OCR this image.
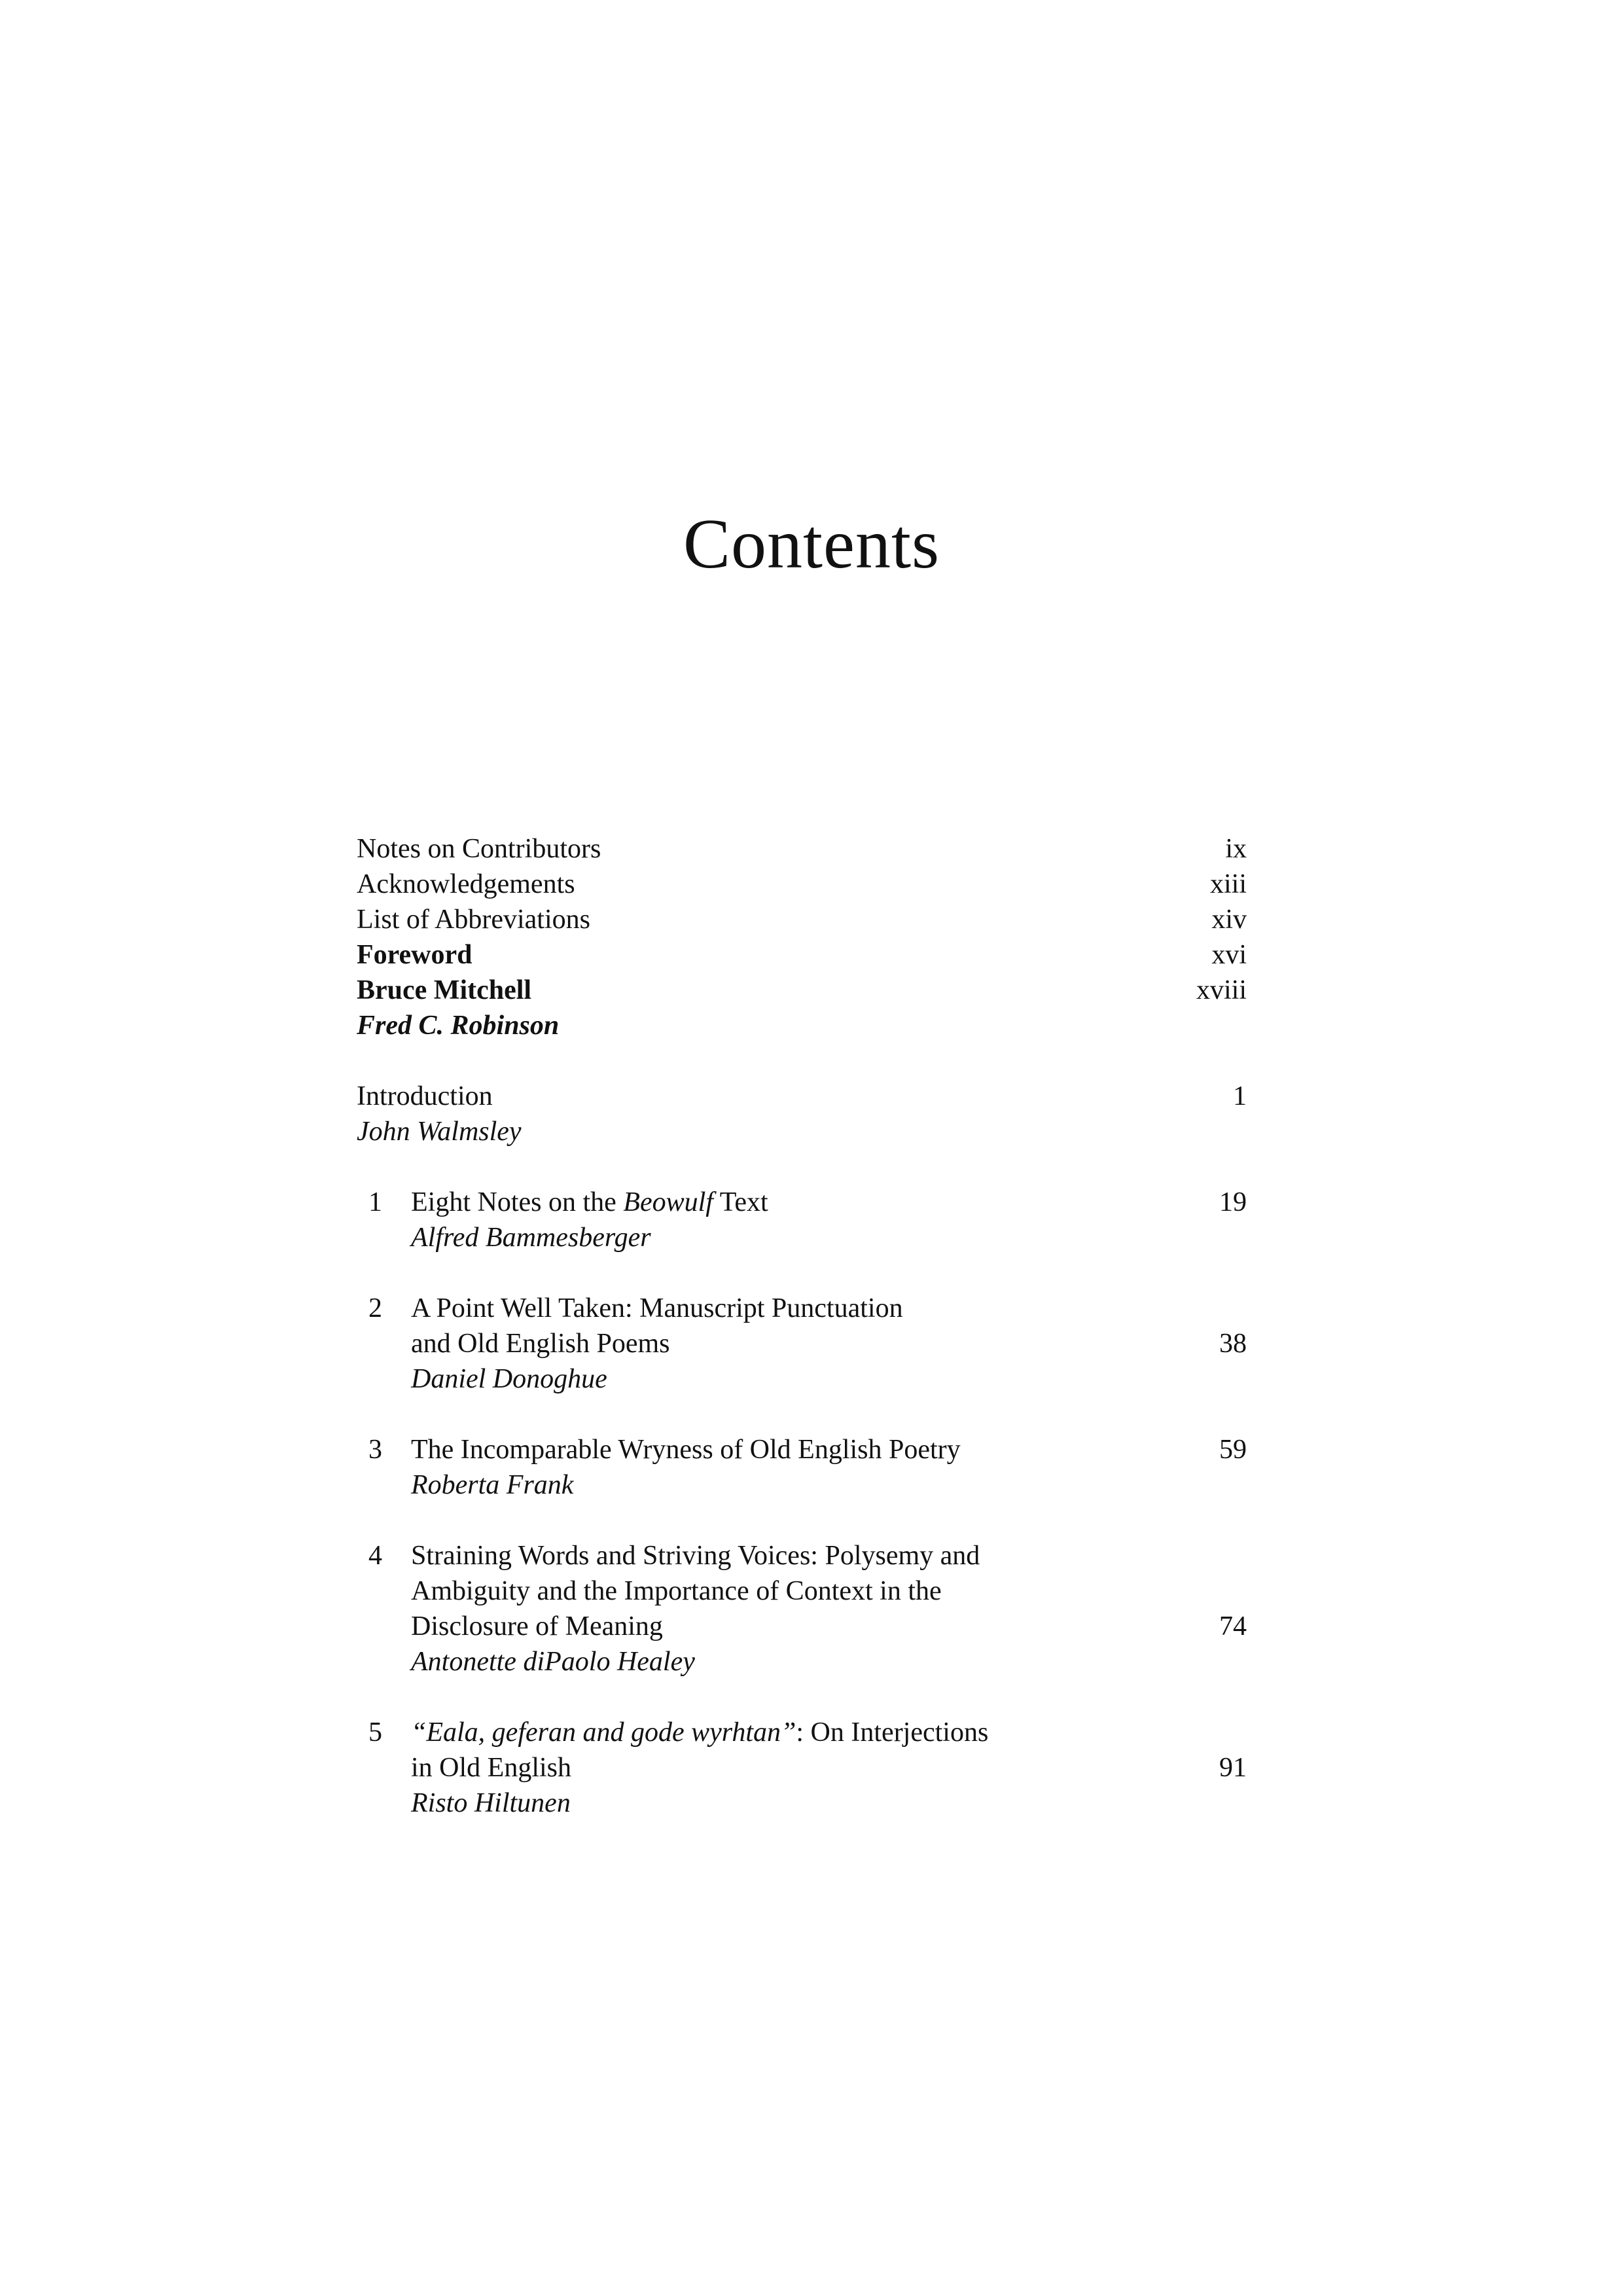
Contents
Notes on Contributors	ix
Acknowledgements	xiii
List of Abbreviations	xiv
Foreword	xvi
Bruce Mitchell	xviii
Fred C. Robinson
Introduction	1
John Walmsley
1 Eight Notes on the Beowulf Text	19
Alfred Bammesberger
2 A Point Well Taken: Manuscript Punctuation
and Old English Poems	38
Daniel Donoghue
3 The Incomparable Wryness of Old English Poetry	59
Roberta Frank
4 Straining Words and Striving Voices: Polysemy and
Ambiguity and the Importance of Context in the
Disclosure of Meaning	74
Antonette diPaolo Healey
5 “Eala, geferan and gode wyrhtan”: On Interjections
in Old English	91
Risto Hiltunen
